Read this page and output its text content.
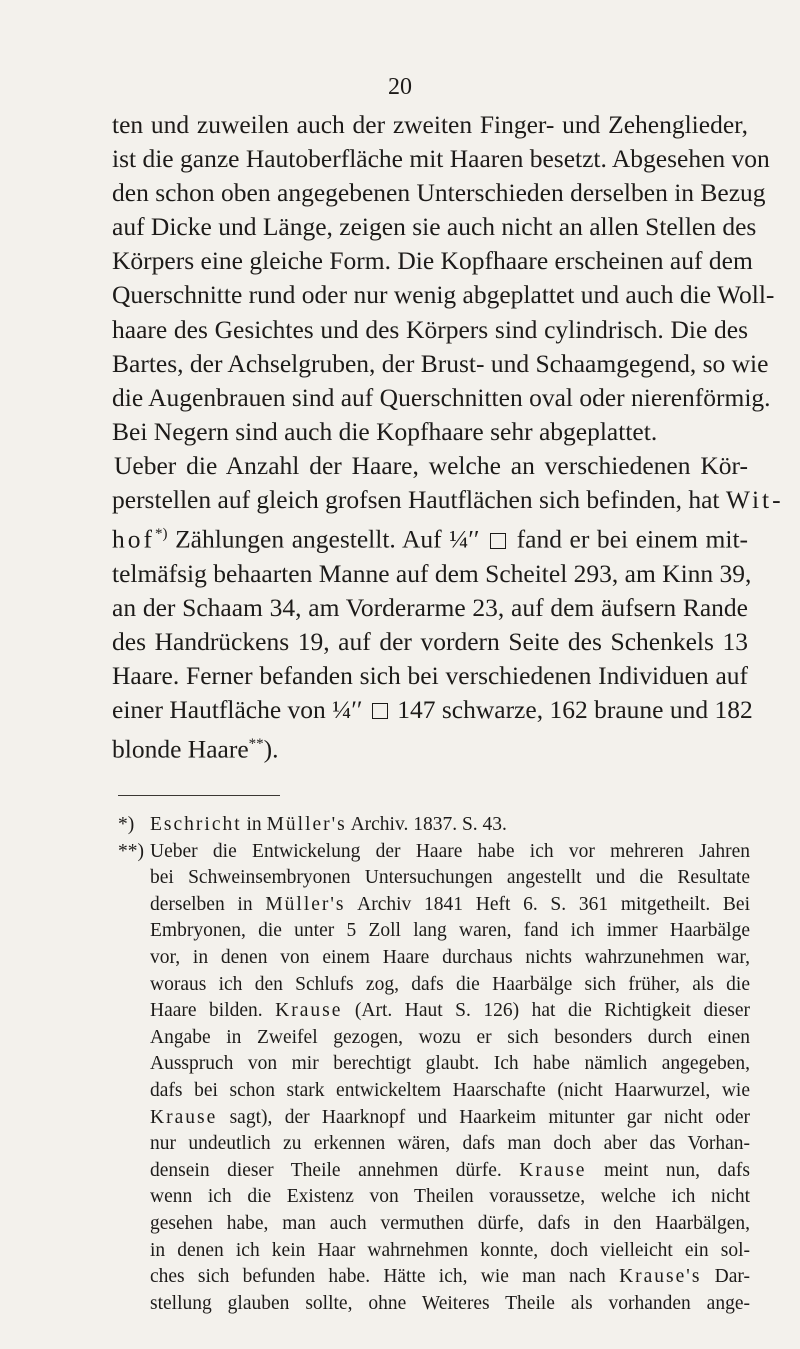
20
ten und zuweilen auch der zweiten Finger- und Zehenglieder,
ist die ganze Hautoberfläche mit Haaren besetzt. Abgesehen von
den schon oben angegebenen Unterschieden derselben in Bezug
auf Dicke und Länge, zeigen sie auch nicht an allen Stellen des
Körpers eine gleiche Form. Die Kopfhaare erscheinen auf dem
Querschnitte rund oder nur wenig abgeplattet und auch die Woll-
haare des Gesichtes und des Körpers sind cylindrisch. Die des
Bartes, der Achselgruben, der Brust- und Schaamgegend, so wie
die Augenbrauen sind auf Querschnitten oval oder nierenförmig.
Bei Negern sind auch die Kopfhaare sehr abgeplattet.
Ueber die Anzahl der Haare, welche an verschiedenen Kör-
perstellen auf gleich grofsen Hautflächen sich befinden, hat Wit-
hof*) Zählungen angestellt. Auf ¼′′ fand er bei einem mit-
telmäfsig behaarten Manne auf dem Scheitel 293, am Kinn 39,
an der Schaam 34, am Vorderarme 23, auf dem äufsern Rande
des Handrückens 19, auf der vordern Seite des Schenkels 13
Haare. Ferner befanden sich bei verschiedenen Individuen auf
einer Hautfläche von ¼′′ 147 schwarze, 162 braune und 182
blonde Haare**).
*) Eschricht in Müller's Archiv. 1837. S. 43.
**) Ueber die Entwickelung der Haare habe ich vor mehreren Jahren
bei Schweinsembryonen Untersuchungen angestellt und die Resultate
derselben in Müller's Archiv 1841 Heft 6. S. 361 mitgetheilt. Bei
Embryonen, die unter 5 Zoll lang waren, fand ich immer Haarbälge
vor, in denen von einem Haare durchaus nichts wahrzunehmen war,
woraus ich den Schlufs zog, dafs die Haarbälge sich früher, als die
Haare bilden. Krause (Art. Haut S. 126) hat die Richtigkeit dieser
Angabe in Zweifel gezogen, wozu er sich besonders durch einen
Ausspruch von mir berechtigt glaubt. Ich habe nämlich angegeben,
dafs bei schon stark entwickeltem Haarschafte (nicht Haarwurzel, wie
Krause sagt), der Haarknopf und Haarkeim mitunter gar nicht oder
nur undeutlich zu erkennen wären, dafs man doch aber das Vorhan-
densein dieser Theile annehmen dürfe. Krause meint nun, dafs
wenn ich die Existenz von Theilen voraussetze, welche ich nicht
gesehen habe, man auch vermuthen dürfe, dafs in den Haarbälgen,
in denen ich kein Haar wahrnehmen konnte, doch vielleicht ein sol-
ches sich befunden habe. Hätte ich, wie man nach Krause's Dar-
stellung glauben sollte, ohne Weiteres Theile als vorhanden ange-
